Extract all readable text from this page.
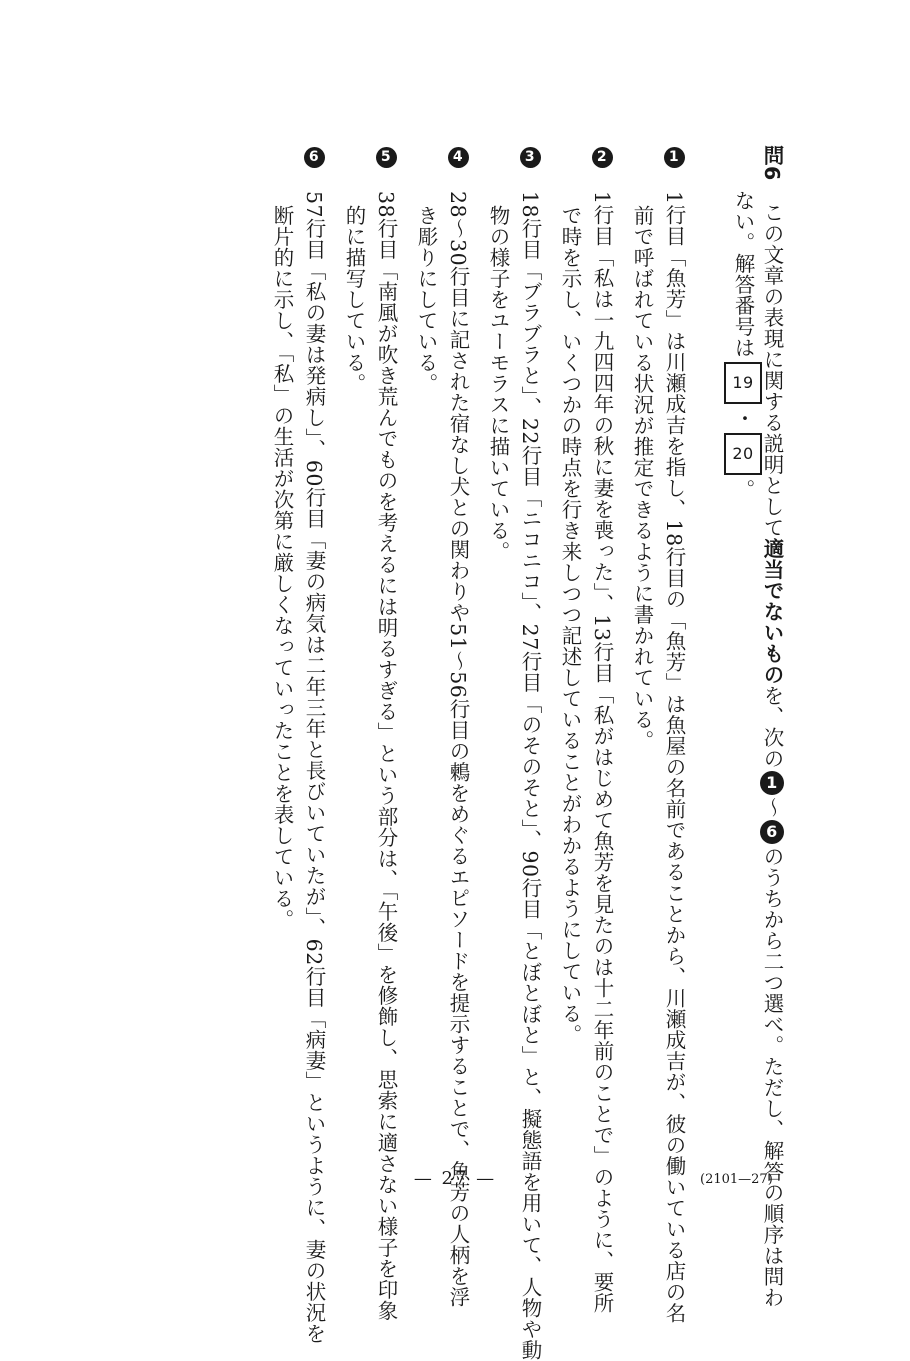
問6　この文章の表現に関する説明として適当でないものを、次の1～6のうちから二つ選べ。ただし、解答の順序は問わ
ない。解答番号は19・20。
1　1行目「魚芳」は川瀬成吉を指し、18行目の「魚芳」は魚屋の名前であることから、川瀬成吉が、彼の働いている店の名
前で呼ばれている状況が推定できるように書かれている。
2　1行目「私は一九四四年の秋に妻を喪った」、13行目「私がはじめて魚芳を見たのは十二年前のことで」のように、要所
で時を示し、いくつかの時点を行き来しつつ記述していることがわかるようにしている。
3　18行目「ブラブラと」、22行目「ニコニコ」、27行目「のそのそと」、90行目「とぼとぼと」と、擬態語を用いて、人物や動
物の様子をユーモラスに描いている。
4　28～30行目に記された宿なし犬との関わりや51～56行目の鶫をめぐるエピソードを提示することで、魚芳の人柄を浮
き彫りにしている。
5　38行目「南風が吹き荒んでものを考えるには明るすぎる」という部分は、「午後」を修飾し、思索に適さない様子を印象
的に描写している。
6　57行目「私の妻は発病し」、60行目「妻の病気は二年三年と長びいていたが」、62行目「病妻」というように、妻の状況を
断片的に示し、「私」の生活が次第に厳しくなっていったことを表している。
— 27 —	(2101—27)
